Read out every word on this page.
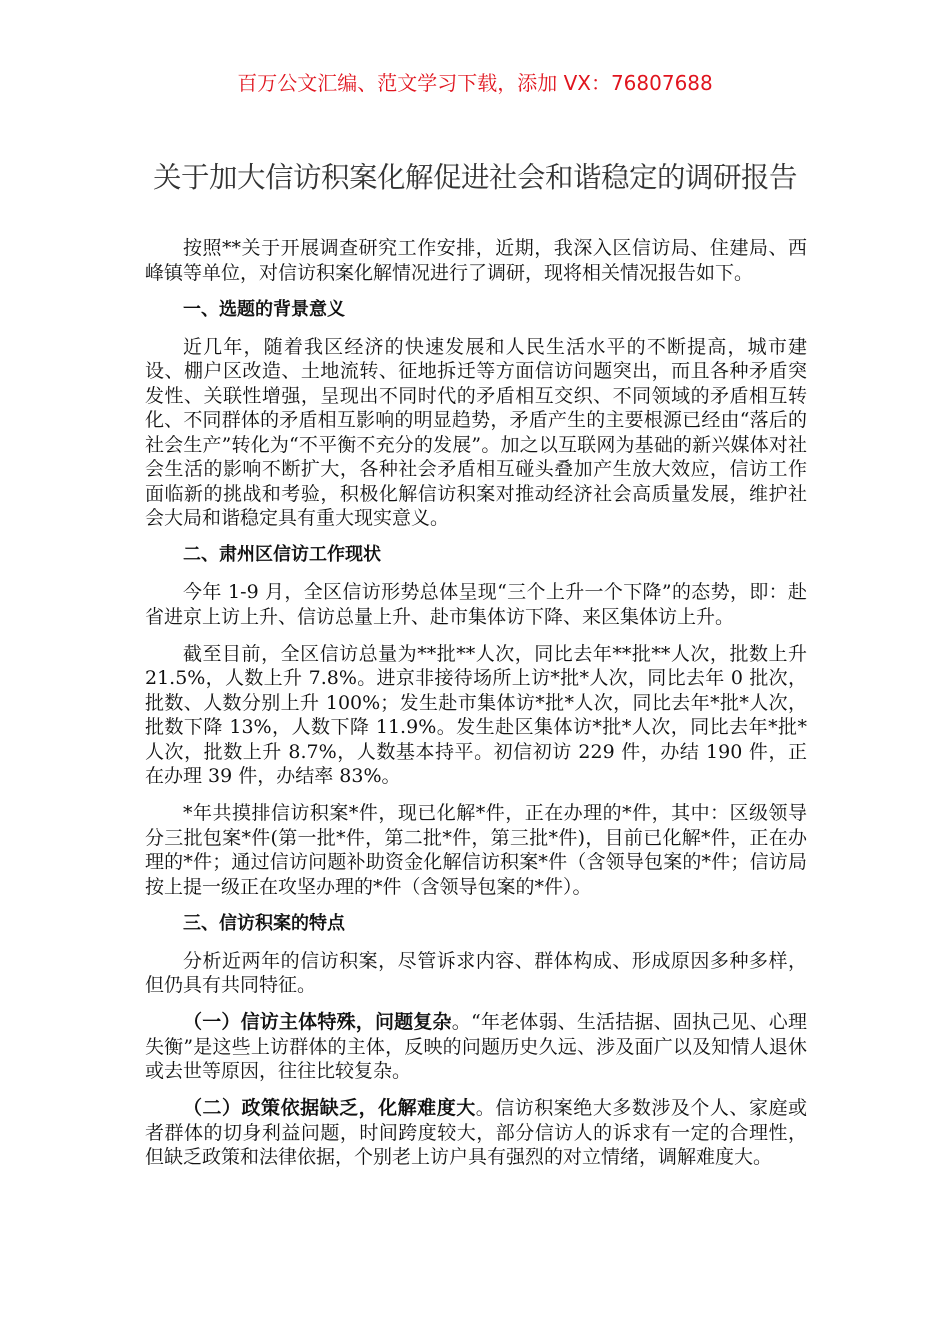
百万公文汇编、范文学习下载，添加 VX：76807688
关于加大信访积案化解促进社会和谐稳定的调研报告

按照**关于开展调查研究工作安排，近期，我深入区信访局、住建局、西峰镇等单位，对信访积案化解情况进行了调研，现将相关情况报告如下。

一、选题的背景意义

近几年，随着我区经济的快速发展和人民生活水平的不断提高，城市建设、棚户区改造、土地流转、征地拆迁等方面信访问题突出，而且各种矛盾突发性、关联性增强，呈现出不同时代的矛盾相互交织、不同领域的矛盾相互转化、不同群体的矛盾相互影响的明显趋势，矛盾产生的主要根源已经由“落后的社会生产”转化为“不平衡不充分的发展”。加之以互联网为基础的新兴媒体对社会生活的影响不断扩大，各种社会矛盾相互碰头叠加产生放大效应，信访工作面临新的挑战和考验，积极化解信访积案对推动经济社会高质量发展，维护社会大局和谐稳定具有重大现实意义。

二、肃州区信访工作现状

今年 1-9 月，全区信访形势总体呈现“三个上升一个下降”的态势，即：赴省进京上访上升、信访总量上升、赴市集体访下降、来区集体访上升。

截至目前，全区信访总量为**批**人次，同比去年**批**人次，批数上升 21.5%，人数上升 7.8%。进京非接待场所上访*批*人次，同比去年 0 批次，批数、人数分别上升 100%；发生赴市集体访*批*人次，同比去年*批*人次，批数下降 13%，人数下降 11.9%。发生赴区集体访*批*人次，同比去年*批*人次，批数上升 8.7%，人数基本持平。初信初访 229 件，办结 190 件，正在办理 39 件，办结率 83%。

*年共摸排信访积案*件，现已化解*件，正在办理的*件，其中：区级领导分三批包案*件(第一批*件，第二批*件，第三批*件)，目前已化解*件，正在办理的*件；通过信访问题补助资金化解信访积案*件（含领导包案的*件；信访局按上提一级正在攻坚办理的*件（含领导包案的*件）。

三、信访积案的特点

分析近两年的信访积案，尽管诉求内容、群体构成、形成原因多种多样，但仍具有共同特征。

（一）信访主体特殊，问题复杂。“年老体弱、生活拮据、固执己见、心理失衡”是这些上访群体的主体，反映的问题历史久远、涉及面广以及知情人退休或去世等原因，往往比较复杂。

（二）政策依据缺乏，化解难度大。信访积案绝大多数涉及个人、家庭或者群体的切身利益问题，时间跨度较大，部分信访人的诉求有一定的合理性，但缺乏政策和法律依据，个别老上访户具有强烈的对立情绪，调解难度大。
